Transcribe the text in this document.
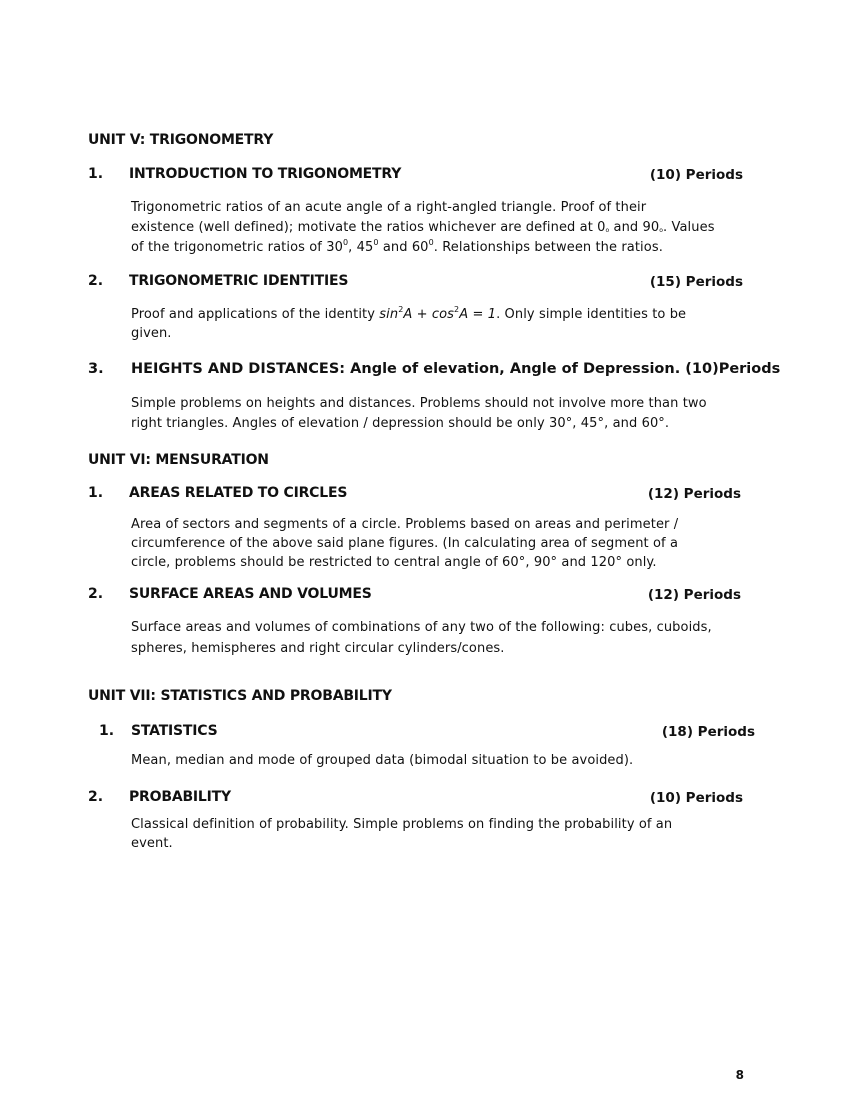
UNIT V: TRIGONOMETRY
1. INTRODUCTION TO TRIGONOMETRY	(10) Periods
Trigonometric ratios of an acute angle of a right-angled triangle. Proof of their
existence (well defined); motivate the ratios whichever are defined at 0$^o$ and 90$^o$. Values
of the trigonometric ratios of $30^0$, $45^0$ and $60^0$. Relationships between the ratios.
2. TRIGONOMETRIC IDENTITIES	(15) Periods
Proof and applications of the identity $\sin^2A + \cos^2A = 1$. Only simple identities to be
given.
3. HEIGHTS AND DISTANCES: Angle of elevation, Angle of Depression. (10)Periods
Simple problems on heights and distances. Problems should not involve more than two
right triangles. Angles of elevation / depression should be only 30°, 45°, and 60°.
UNIT VI: MENSURATION
1. AREAS RELATED TO CIRCLES	(12) Periods
Area of sectors and segments of a circle. Problems based on areas and perimeter /
circumference of the above said plane figures. (In calculating area of segment of a
circle, problems should be restricted to central angle of 60°, 90° and 120° only.
2. SURFACE AREAS AND VOLUMES	(12) Periods
Surface areas and volumes of combinations of any two of the following: cubes, cuboids,
spheres, hemispheres and right circular cylinders/cones.
UNIT VII: STATISTICS AND PROBABILITY
1. STATISTICS	(18) Periods
Mean, median and mode of grouped data (bimodal situation to be avoided).
2. PROBABILITY	(10) Periods
Classical definition of probability. Simple problems on finding the probability of an
event.
8
